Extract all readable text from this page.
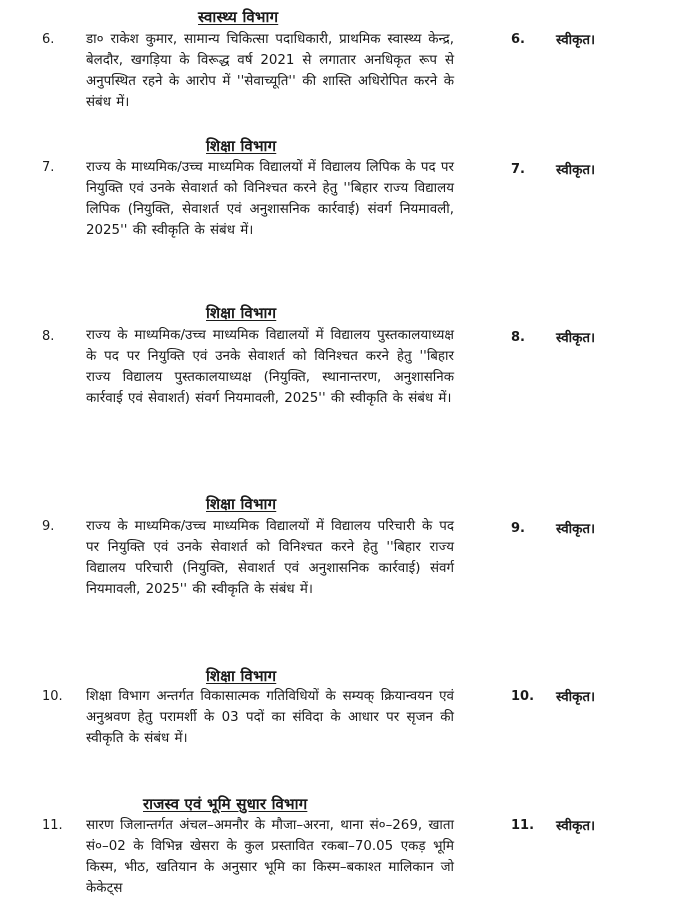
स्वास्थ्य विभाग
6. डा० राकेश कुमार, सामान्य चिकित्सा पदाधिकारी, प्राथमिक स्वास्थ्य केन्द्र, बेलदौर, खगड़िया के विरूद्ध वर्ष 2021 से लगातार अनधिकृत रूप से अनुपस्थित रहने के आरोप में ''सेवाच्यूति'' की शास्ति अधिरोपित करने के संबंध में।
6. स्वीकृत।
शिक्षा विभाग
7. राज्य के माध्यमिक/उच्च माध्यमिक विद्यालयों में विद्यालय लिपिक के पद पर नियुक्ति एवं उनके सेवाशर्त को विनिश्चत करने हेतु ''बिहार राज्य विद्यालय लिपिक (नियुक्ति, सेवाशर्त एवं अनुशासनिक कार्रवाई) संवर्ग नियमावली, 2025'' की स्वीकृति के संबंध में।
7. स्वीकृत।
शिक्षा विभाग
8. राज्य के माध्यमिक/उच्च माध्यमिक विद्यालयों में विद्यालय पुस्तकालयाध्यक्ष के पद पर नियुक्ति एवं उनके सेवाशर्त को विनिश्चत करने हेतु ''बिहार राज्य विद्यालय पुस्तकालयाध्यक्ष (नियुक्ति, स्थानान्तरण, अनुशासनिक कार्रवाई एवं सेवाशर्त) संवर्ग नियमावली, 2025'' की स्वीकृति के संबंध में।
8. स्वीकृत।
शिक्षा विभाग
9. राज्य के माध्यमिक/उच्च माध्यमिक विद्यालयों में विद्यालय परिचारी के पद पर नियुक्ति एवं उनके सेवाशर्त को विनिश्चत करने हेतु ''बिहार राज्य विद्यालय परिचारी (नियुक्ति, सेवाशर्त एवं अनुशासनिक कार्रवाई) संवर्ग नियमावली, 2025'' की स्वीकृति के संबंध में।
9. स्वीकृत।
शिक्षा विभाग
10. शिक्षा विभाग अन्तर्गत विकासात्मक गतिविधियों के सम्यक् क्रियान्वयन एवं अनुश्रवण हेतु परामर्शी के 03 पदों का संविदा के आधार पर सृजन की स्वीकृति के संबंध में।
10. स्वीकृत।
राजस्व एवं भूमि सुधार विभाग
11. सारण जिलान्तर्गत अंचल–अमनौर के मौजा–अरना, थाना सं०–269, खाता सं०–02 के विभिन्न खेसरा के कुल प्रस्तावित रकबा–70.05 एकड़ भूमि किस्म, भीठ, खतियान के अनुसार भूमि का किस्म–बकाश्त मालिकान जो केकेट्स
11. स्वीकृत।
